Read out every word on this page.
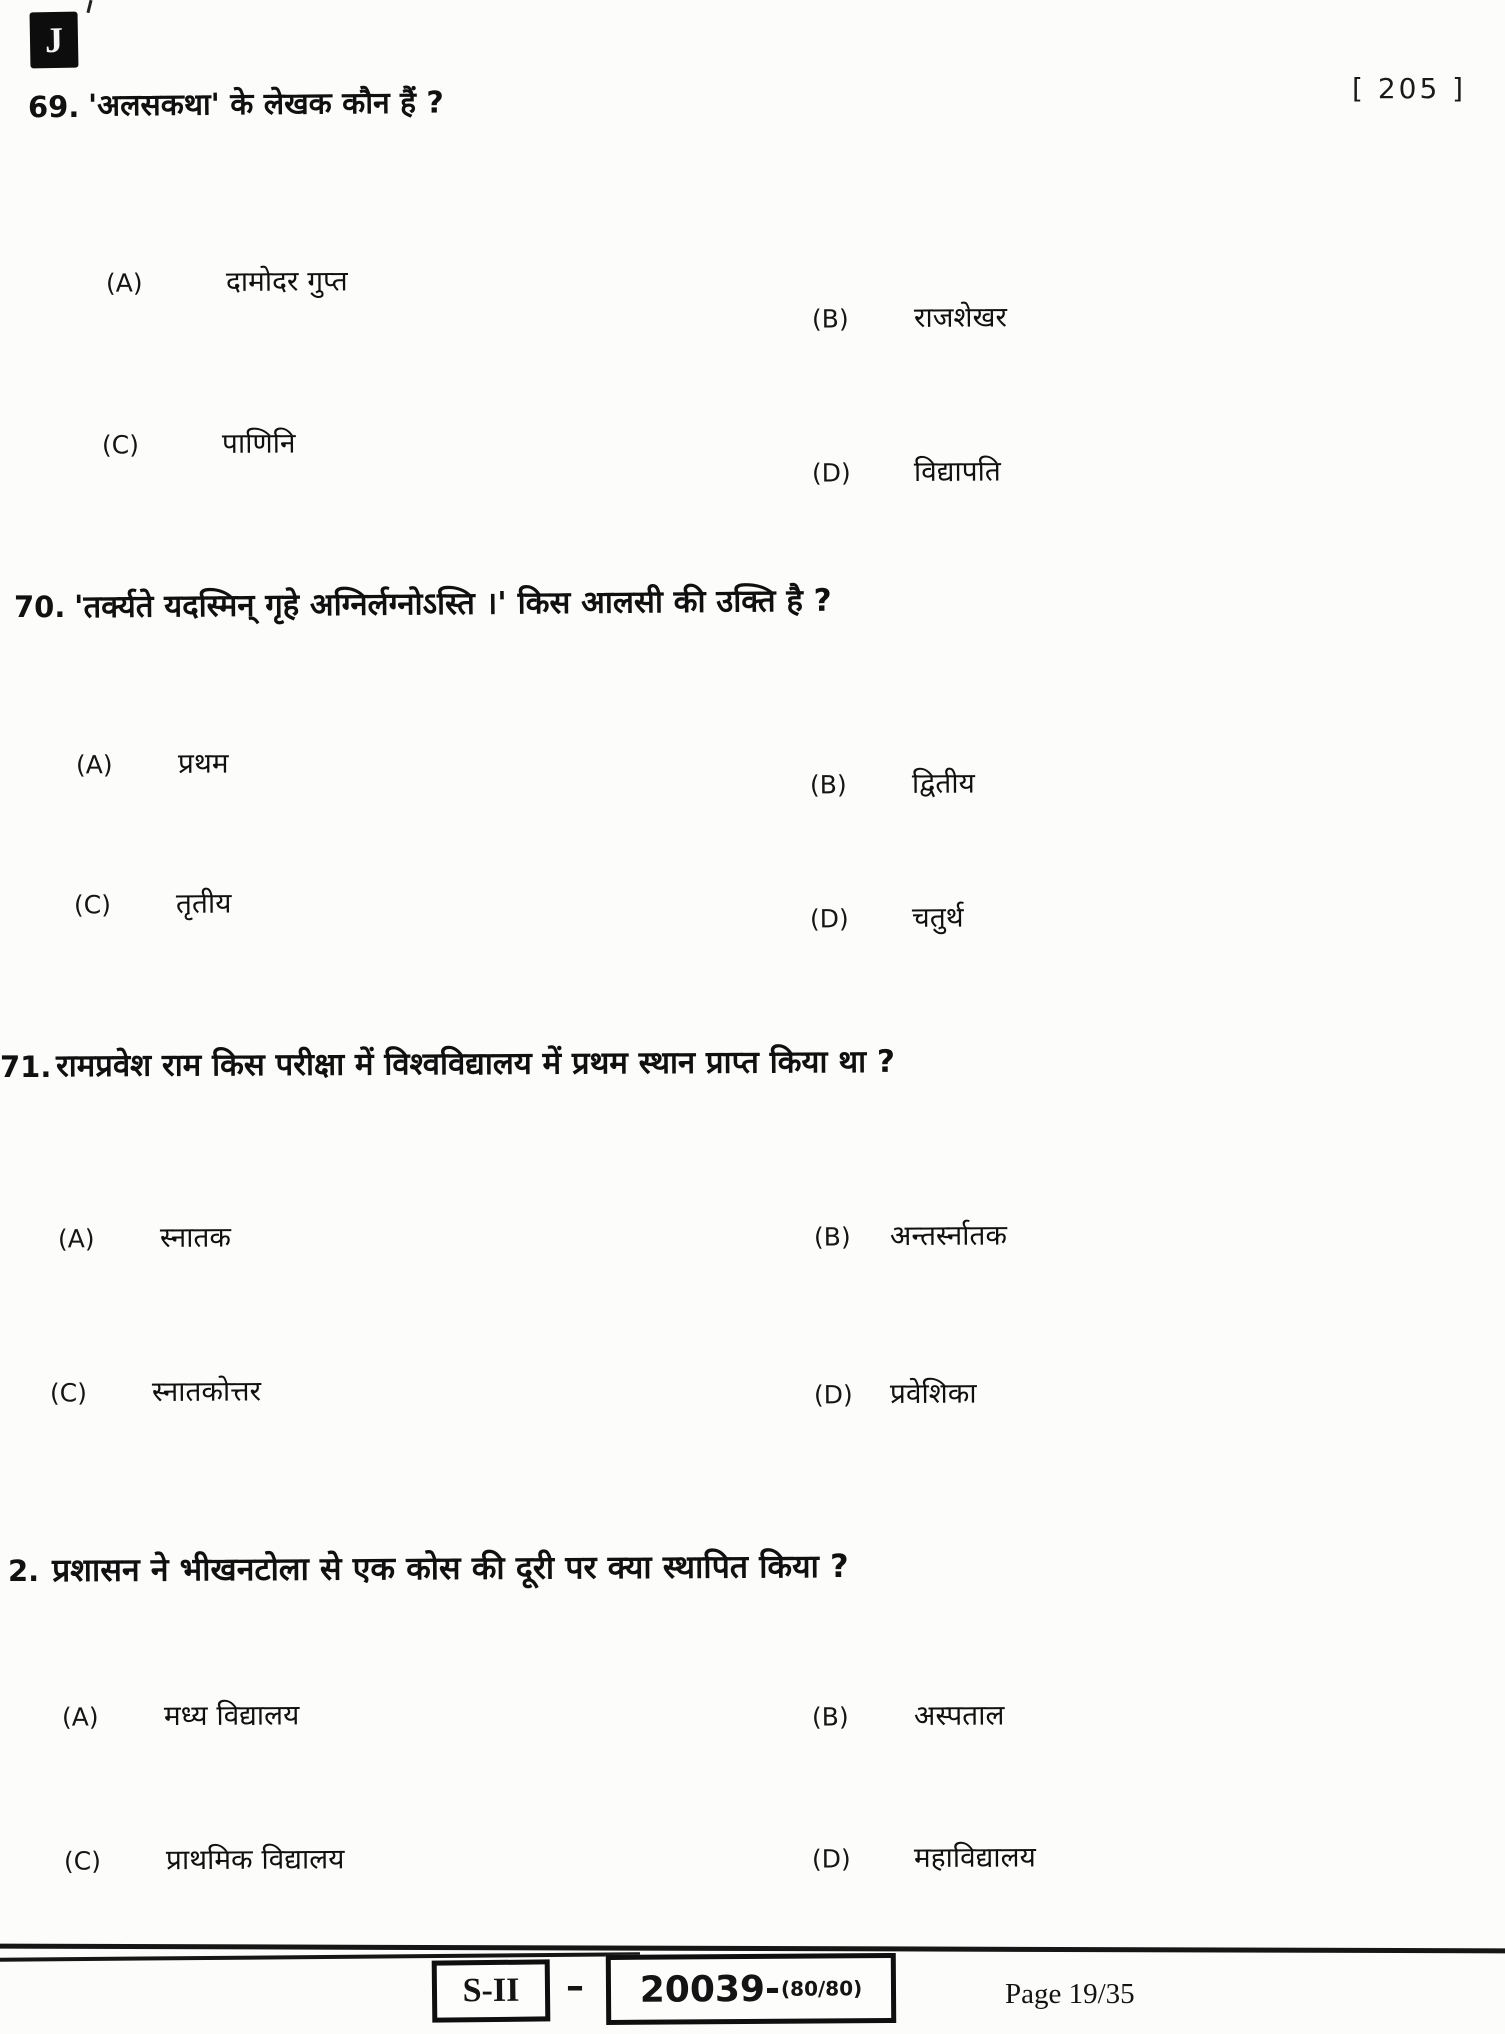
J
[ 205 ]
69. 'अलसकथा' के लेखक कौन हैं ?
(A)	दामोदर गुप्त
(B)	राजशेखर
(C)	पाणिनि
(D)	विद्यापति
70. 'तर्क्यते यदस्मिन् गृहे अग्निर्लग्नोऽस्ति ।' किस आलसी की उक्ति है ?
(A)	प्रथम
(B)	द्वितीय
(C)	तृतीय	(D)	चतुर्थ
71. रामप्रवेश राम किस परीक्षा में विश्वविद्यालय में प्रथम स्थान प्राप्त किया था ?
(A)	स्नातक	(B)	अन्तर्स्नातक
(C)	स्नातकोत्तर	(D)	प्रवेशिका
2. प्रशासन ने भीखनटोला से एक कोस की दूरी पर क्या स्थापित किया ?
(A)	मध्य विद्यालय	(B)	अस्पताल
(C)	प्राथमिक विद्यालय	(D)	महाविद्यालय
S-II – 20039- (80/80)	Page 19/35
